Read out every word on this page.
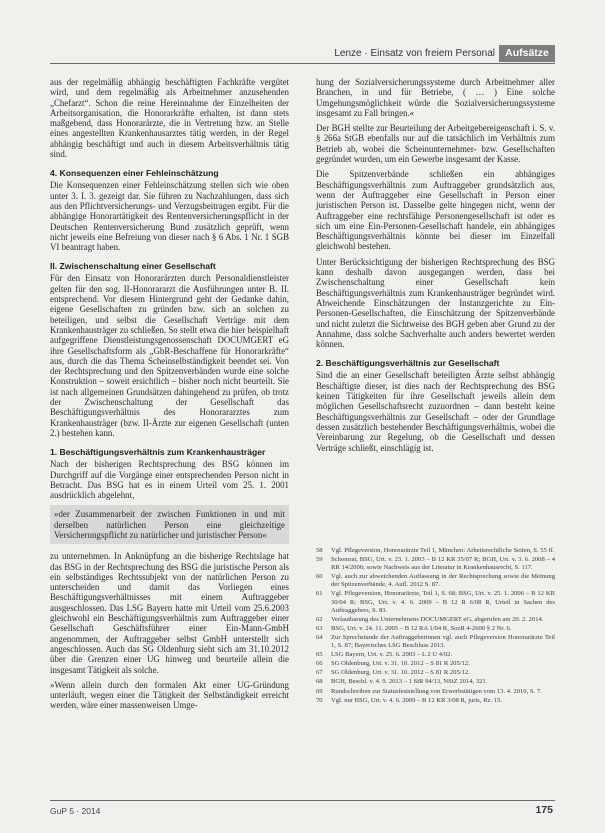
Lenze · Einsatz von freiem Personal Aufsätze

aus der regelmäßig abhängig beschäftigten Fachkräfte vergütet wird, und dem regelmäßig als Arbeitnehmer anzusehenden „Chefarzt“. Schon die reine Hereinnahme der Einzelheiten der Arbeitsorganisation, die Honorarkräfte erhalten, ist dann stets maßgebend, dass Honorarärzte, die in Vertretung bzw. an Stelle eines angestellten Krankenhausarztes tätig werden, in der Regel abhängig beschäftigt und auch in diesem Arbeitsverhältnis tätig sind.

4. Konsequenzen einer Fehleinschätzung

Die Konsequenzen einer Fehleinschätzung stellen sich wie oben unter 3. I. 3. gezeigt dar. Sie führen zu Nachzahlungen, dass sich aus den Pflichtversicherungs- und Verzugsbeitragen ergibt. Für die abhängige Honorartätigkeit des Rentenversicherungspflicht in der Deutschen Rentenversicherung Bund zusätzlich geprüft, wenn nicht jeweils eine Befreiung von dieser nach § 6 Abs. 1 Nr. 1 SGB VI beantragt haben.

II. Zwischenschaltung einer Gesellschaft

Für den Einsatz von Honorarärzten durch Personaldienstleister gelten für den sog. II-Honorararzt die Ausführungen unter B. II. entsprechend. Vor diesem Hintergrund geht der Gedanke dahin, eigene Gesellschaften zu gründen bzw. sich an solchen zu beteiligen, und selbst die Gesellschaft Verträge mit dem Krankenhausträger zu schließen. So stellt etwa die hier beispielhaft aufgegriffene Dienstleistungsgenossenschaft DOCUMGERT eG ihre Gesellschaftsform als „GbR-Beschaffene für Honorarkräfte“ aus, durch die das Thema Scheinselbständigkeit beendet sei. Von der Rechtsprechung und den Spitzenverbänden wurde eine solche Konstruktion – soweit ersichtlich – bisher noch nicht beurteilt. Sie ist nach allgemeinen Grundsätzen dahingehend zu prüfen, ob trotz der Zwischenschaltung der Gesellschaft das Beschäftigungsverhältnis des Honorararztes zum Krankenhausträger (bzw. II-Ärzte zur eigenen Gesellschaft (unten 2.) bestehen kann.

1. Beschäftigungsverhältnis zum Krankenhausträger

Nach der bisherigen Rechtsprechung des BSG können im Durchgriff auf die Vorgänge einer entsprechenden Person nicht in Betracht. Das BSG hat es in einem Urteil vom 25. 1. 2001 ausdrücklich abgelehnt,

»der Zusammenarbeit der zwischen Funktionen in und mit derselben natürlichen Person eine gleichzeitige Versicherungspflicht zu natürlicher und juristischer Person«

zu unternehmen. In Anknüpfung an die bisherige Rechtslage hat das BSG in der Rechtsprechung des BSG die juristische Person als ein selbständiges Rechtssubjekt von der natürlichen Person zu unterscheiden und damit das Vorliegen eines Beschäftigungsverhältnisses mit einem Auftraggeber ausgeschlossen. Das LSG Bayern hatte mit Urteil vom 25.6.2003 gleichwohl ein Beschäftigungsverhältnis zum Auftraggeber einer Gesellschaft Geschäftsführer einer Ein-Mann-GmbH angenommen, der Auftraggeber selbst GmbH unterstellt sich angeschlossen. Auch das SG Oldenburg sieht sich am 31.10.2012 über die Grenzen einer UG hinweg und beurteile allein die insgesamt Tätigkeit als solche.

»Wenn allein durch den formalen Akt einer UG-Gründung unterläuft, wegen einer die Tätigkeit der Selbständigkeit erreicht werden, wäre einer massenweisen Umge-

hung der Sozialversicherungssysteme durch Arbeitnehmer aller Branchen, in und für Betriebe, ( … ) Eine solche Umgehungsmöglichkeit würde die Sozialversicherungssysteme insgesamt zu Fall bringen.«

Der BGH stellte zur Beurteilung der Arbeitgebereigenschaft i. S. v. § 266a StGB ebenfalls nur auf die tatsächlich im Verhältnis zum Betrieb ab, wobei die Scheinunternehmer- bzw. Gesellschaften gegründet wurden, um ein Gewerbe insgesamt der Kasse.

Die Spitzenverbände schließen ein abhängiges Beschäftigungsverhältnis zum Auftraggeber grundsätzlich aus, wenn der Auftraggeber eine Gesellschaft in Person einer juristischen Person ist. Dasselbe gelte hingegen nicht, wenn der Auftraggeber eine rechtsfähige Personengesellschaft ist oder es sich um eine Ein-Personen-Gesellschaft handele, ein abhängiges Beschäftigungsverhältnis könnte bei dieser im Einzelfall gleichwohl bestehen.

Unter Berücksichtigung der bisherigen Rechtsprechung des BSG kann deshalb davon ausgegangen werden, dass bei Zwischenschaltung einer Gesellschaft kein Beschäftigungsverhältnis zum Krankenhausträger begründet wird. Abweichende Einschätzungen der Instanzgerichte zu Ein-Personen-Gesellschaften, die Einschätzung der Spitzenverbände und nicht zuletzt die Sichtweise des BGH geben aber Grund zu der Annahme, dass solche Sachverhalte auch anders bewertet werden können.

2. Beschäftigungsverhältnis zur Gesellschaft

Sind die an einer Gesellschaft beteiligten Ärzte selbst abhängig Beschäftigte dieser, ist dies nach der Rechtsprechung des BSG keinen Tätigkeiten für ihre Gesellschaft jeweils allein dem möglichen Gesellschaftsrecht zuzuordnen – dann besteht keine Beschäftigungsverhältnis zur Gesellschaft – oder der Grundlage dessen zusätzlich bestehender Beschäftigungsverhältnis, wobei die Vereinbarung zur Regelung, ob die Gesellschaft und dessen Verträge schließt, einschlägig ist.

58	Vgl. Pflegeversion, Honorarärzte Teil 1, München: Arbeitsrechtliche Seiten, S. 55 ff.
59	Schomrat, BSG, Urt. v. 23. 1. 2003 – B 12 KR 35/07 R; BGH, Urt. v. 3. 6. 2008 – 4 RR 14/2006; sowie Nachweis aus der Literatur in Krankenhausrecht, S. 117.
60	Vgl. auch zur abweichenden Auffassung in der Rechtsprechung sowie die Meinung der Spitzenverbände, 4. Aufl. 2012 S. 87.
61	Vgl. Pflegeversion, Honorarärzte, Teil 1, S. 68; BSG, Urt. v. 25. 1. 2006 – B 12 KR 30/04 R; BSG, Urt. v. 4. 6. 2009 – B 12 R 6/08 R, Urteil in Sachen des Auftraggebers, S. 83.
62	Verlautbarung des Unternehmens DOCUMGERT eG, abgerufen am 20. 2. 2014.
63	BSG, Urt. v. 24. 11. 2005 – B 12 RA 1/04 R, SozR 4-2600 § 2 Nr. 6.
64	Zur Sprechstunde der Auftraggeberinnen vgl. auch Pflegeversion Honorarärzte Teil 1, S. 87; Bayerisches LSG Beschluss 2013.
65	LSG Bayern, Urt. v. 25. 6. 2003 – L 2 U 4/02.
66	SG Oldenburg, Urt. v. 31. 10. 2012 – S 81 R 205/12.
67	SG Oldenburg, Urt. v. 31. 10. 2012 – S 81 R 205/12.
68	BGH, Beschl. v. 4. 9. 2013 – 1 StR 94/13, NStZ 2014, 321.
69	Rundschreiben zur Statusfeststellung von Erwerbstätigen vom 13. 4. 2010, S. 7.
70	Vgl. nur BSG, Urt. v. 4. 6. 2009 – B 12 KR 3/08 R, juris, Rz. 15.
GuP 5 · 2014	175
